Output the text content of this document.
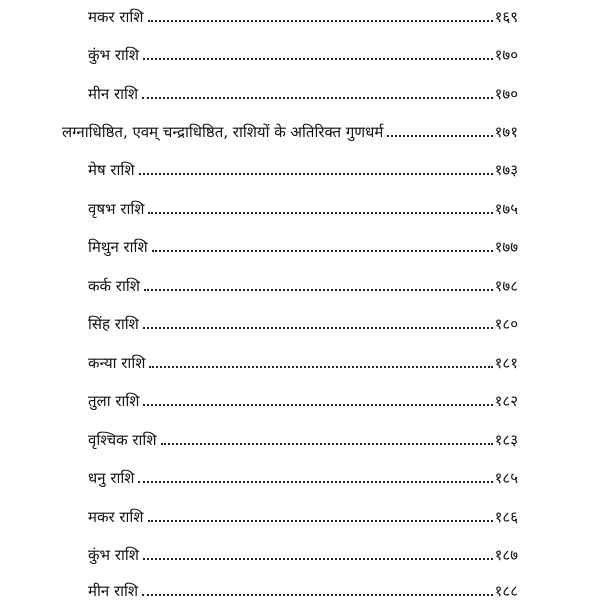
मकर राशि	१६९
कुंभ राशि	१७०
मीन राशि	१७०
लग्नाधिष्ठित, एवम् चन्द्राधिष्ठित, राशियों के अतिरिक्त गुणधर्म	१७१
मेष राशि	१७३
वृषभ राशि	१७५
मिथुन राशि	१७७
कर्क राशि	१७८
सिंह राशि	१८०
कन्या राशि	१८१
तुला राशि	१८२
वृश्चिक राशि	१८३
धनु राशि	१८५
मकर राशि	१८६
कुंभ राशि	१८७
मीन राशि	१८८
